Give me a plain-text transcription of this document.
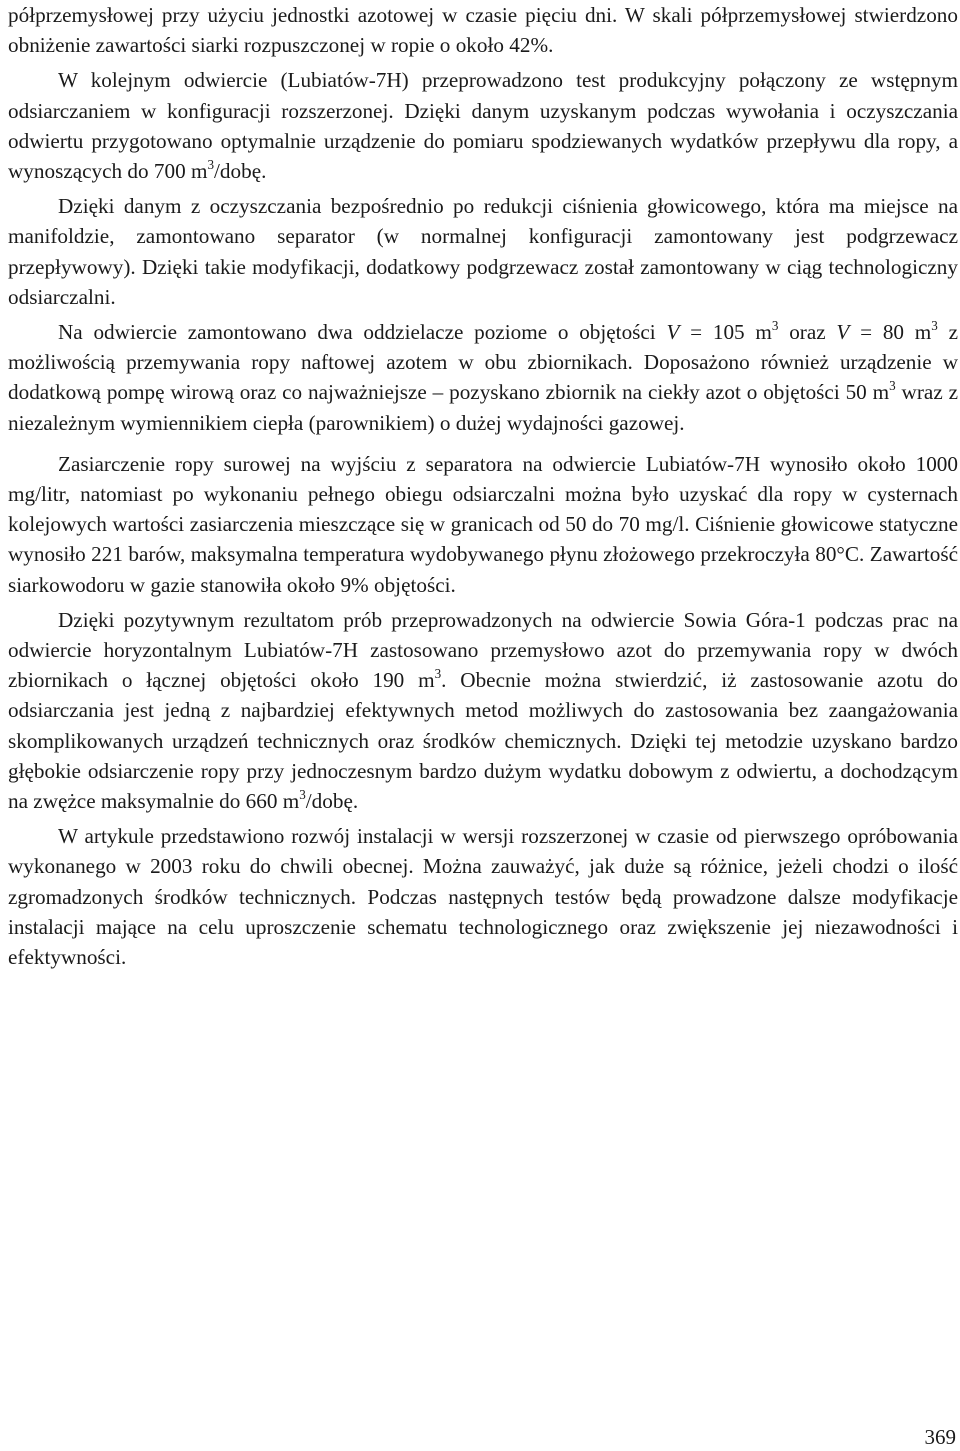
półprzemysłowej przy użyciu jednostki azotowej w czasie pięciu dni. W skali półprzemysłowej stwierdzono obniżenie zawartości siarki rozpuszczonej w ropie o około 42%.

W kolejnym odwiercie (Lubiatów-7H) przeprowadzono test produkcyjny połączony ze wstępnym odsiarczaniem w konfiguracji rozszerzonej. Dzięki danym uzyskanym podczas wywołania i oczyszczania odwiertu przygotowano optymalnie urządzenie do pomiaru spodziewanych wydatków przepływu dla ropy, a wynoszących do 700 $m^3$/dobę.

Dzięki danym z oczyszczania bezpośrednio po redukcji ciśnienia głowicowego, która ma miejsce na manifoldzie, zamontowano separator (w normalnej konfiguracji zamontowany jest podgrzewacz przepływowy). Dzięki takie modyfikacji, dodatkowy podgrzewacz został zamontowany w ciąg technologiczny odsiarczalni.

Na odwiercie zamontowano dwa oddzielacze poziome o objętości V = 105 $m^3$ oraz V = 80 $m^3$ z możliwością przemywania ropy naftowej azotem w obu zbiornikach. Doposażono również urządzenie w dodatkową pompę wirową oraz co najważniejsze – pozyskano zbiornik na ciekły azot o objętości 50 $m^3$ wraz z niezależnym wymiennikiem ciepła (parownikiem) o dużej wydajności gazowej.

Zasiarczenie ropy surowej na wyjściu z separatora na odwiercie Lubiatów-7H wynosiło około 1000 mg/litr, natomiast po wykonaniu pełnego obiegu odsiarczalni można było uzyskać dla ropy w cysternach kolejowych wartości zasiarczenia mieszczące się w granicach od 50 do 70 mg/l. Ciśnienie głowicowe statyczne wynosiło 221 barów, maksymalna temperatura wydobywanego płynu złożowego przekroczyła 80°C. Zawartość siarkowodoru w gazie stanowiła około 9% objętości.

Dzięki pozytywnym rezultatom prób przeprowadzonych na odwiercie Sowia Góra-1 podczas prac na odwiercie horyzontalnym Lubiatów-7H zastosowano przemysłowo azot do przemywania ropy w dwóch zbiornikach o łącznej objętości około 190 $m^3$. Obecnie można stwierdzić, iż zastosowanie azotu do odsiarczania jest jedną z najbardziej efektywnych metod możliwych do zastosowania bez zaangażowania skomplikowanych urządzeń technicznych oraz środków chemicznych. Dzięki tej metodzie uzyskano bardzo głębokie odsiarczenie ropy przy jednoczesnym bardzo dużym wydatku dobowym z odwiertu, a dochodzącym na zwężce maksymalnie do 660 $m^3$/dobę.

W artykule przedstawiono rozwój instalacji w wersji rozszerzonej w czasie od pierwszego opróbowania wykonanego w 2003 roku do chwili obecnej. Można zauważyć, jak duże są różnice, jeżeli chodzi o ilość zgromadzonych środków technicznych. Podczas następnych testów będą prowadzone dalsze modyfikacje instalacji mające na celu uproszczenie schematu technologicznego oraz zwiększenie jej niezawodności i efektywności.

369
